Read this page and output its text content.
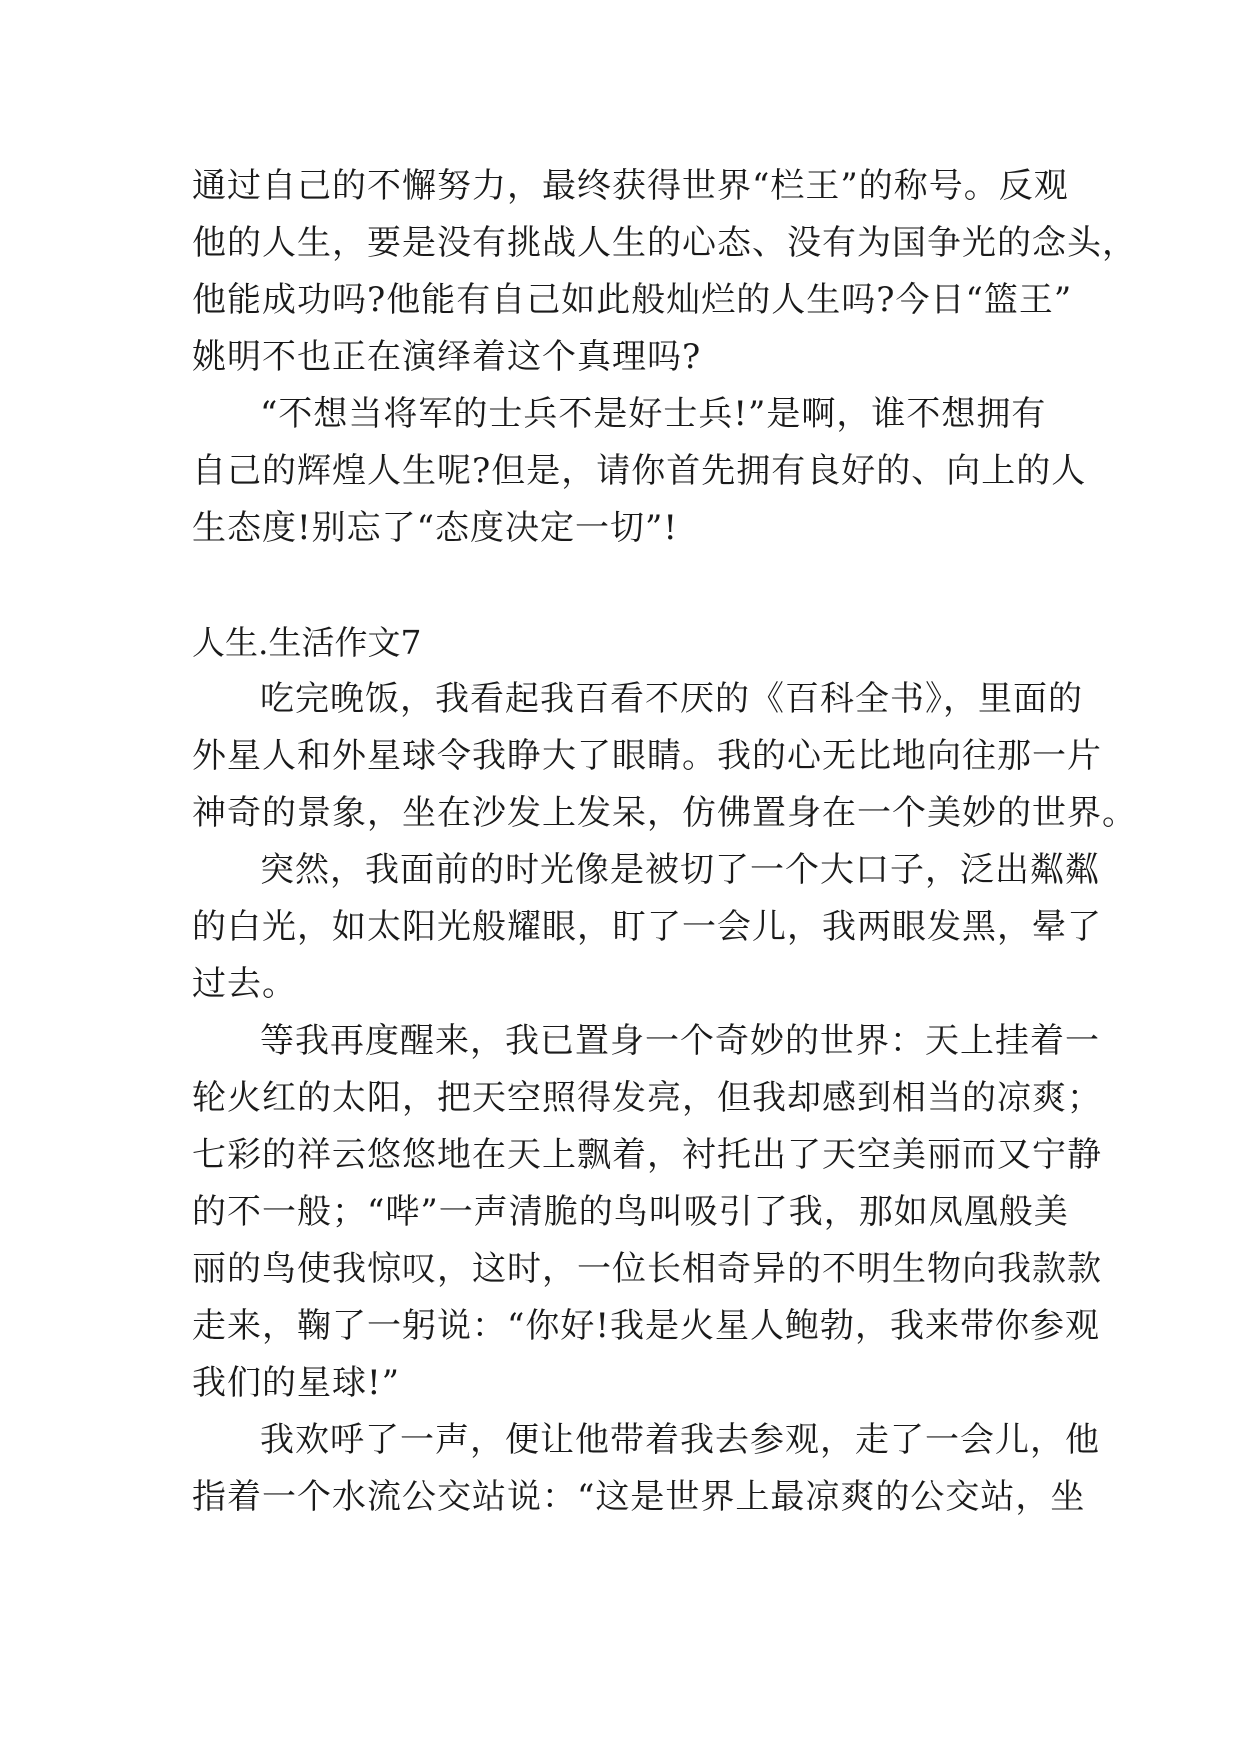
通过自己的不懈努力，最终获得世界“栏王”的称号。反观
他的人生，要是没有挑战人生的心态、没有为国争光的念头，
他能成功吗?他能有自己如此般灿烂的人生吗?今日“篮王”
姚明不也正在演绎着这个真理吗?
“不想当将军的士兵不是好士兵!”是啊，谁不想拥有
自己的辉煌人生呢?但是，请你首先拥有良好的、向上的人
生态度!别忘了“态度决定一切”!
人生.生活作文7
吃完晚饭，我看起我百看不厌的《百科全书》，里面的
外星人和外星球令我睁大了眼睛。我的心无比地向往那一片
神奇的景象，坐在沙发上发呆，仿佛置身在一个美妙的世界。
突然，我面前的时光像是被切了一个大口子，泛出粼粼
的白光，如太阳光般耀眼，盯了一会儿，我两眼发黑，晕了
过去。
等我再度醒来，我已置身一个奇妙的世界：天上挂着一
轮火红的太阳，把天空照得发亮，但我却感到相当的凉爽；
七彩的祥云悠悠地在天上飘着，衬托出了天空美丽而又宁静
的不一般；“哔”一声清脆的鸟叫吸引了我，那如凤凰般美
丽的鸟使我惊叹，这时，一位长相奇异的不明生物向我款款
走来，鞠了一躬说：“你好!我是火星人鲍勃，我来带你参观
我们的星球!”
我欢呼了一声，便让他带着我去参观，走了一会儿，他
指着一个水流公交站说：“这是世界上最凉爽的公交站，坐
